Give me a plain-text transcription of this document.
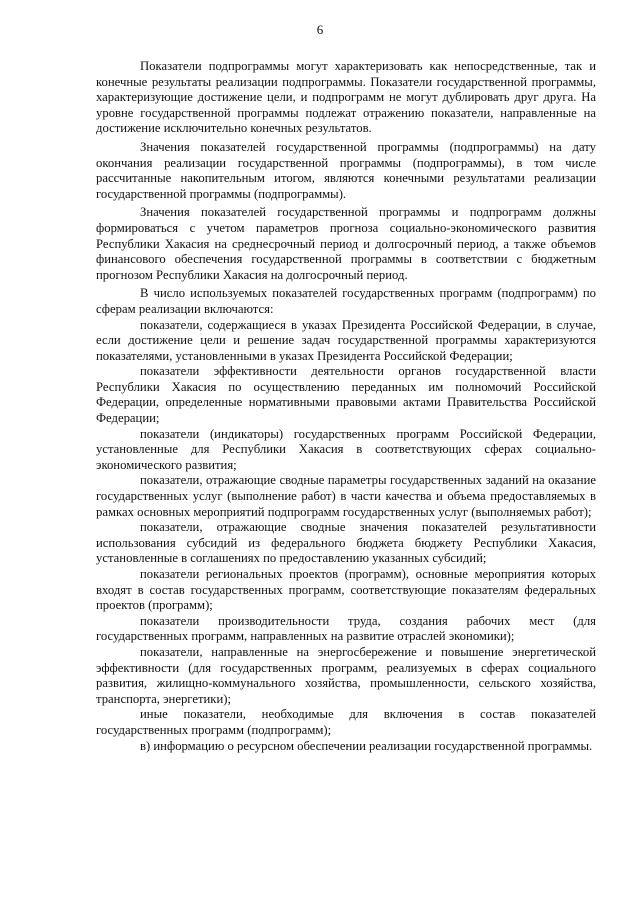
6

Показатели подпрограммы могут характеризовать как непосредственные, так и конечные результаты реализации подпрограммы. Показатели государственной программы, характеризующие достижение цели, и подпрограмм не могут дублировать друг друга. На уровне государственной программы подлежат отражению показатели, направленные на достижение исключительно конечных результатов.

Значения показателей государственной программы (подпрограммы) на дату окончания реализации государственной программы (подпрограммы), в том числе рассчитанные накопительным итогом, являются конечными результатами реализации государственной программы (подпрограммы).

Значения показателей государственной программы и подпрограмм должны формироваться с учетом параметров прогноза социально-экономического развития Республики Хакасия на среднесрочный период и долгосрочный период, а также объемов финансового обеспечения государственной программы в соответствии с бюджетным прогнозом Республики Хакасия на долгосрочный период.

В число используемых показателей государственных программ (подпрограмм) по сферам реализации включаются:

показатели, содержащиеся в указах Президента Российской Федерации, в случае, если достижение цели и решение задач государственной программы характеризуются показателями, установленными в указах Президента Российской Федерации;

показатели эффективности деятельности органов государственной власти Республики Хакасия по осуществлению переданных им полномочий Российской Федерации, определенные нормативными правовыми актами Правительства Российской Федерации;

показатели (индикаторы) государственных программ Российской Федерации, установленные для Республики Хакасия в соответствующих сферах социально-экономического развития;

показатели, отражающие сводные параметры государственных заданий на оказание государственных услуг (выполнение работ) в части качества и объема предоставляемых в рамках основных мероприятий подпрограмм государственных услуг (выполняемых работ);

показатели, отражающие сводные значения показателей результативности использования субсидий из федерального бюджета бюджету Республики Хакасия, установленные в соглашениях по предоставлению указанных субсидий;

показатели региональных проектов (программ), основные мероприятия которых входят в состав государственных программ, соответствующие показателям федеральных проектов (программ);

показатели производительности труда, создания рабочих мест (для государственных программ, направленных на развитие отраслей экономики);

показатели, направленные на энергосбережение и повышение энергетической эффективности (для государственных программ, реализуемых в сферах социального развития, жилищно-коммунального хозяйства, промышленности, сельского хозяйства, транспорта, энергетики);

иные показатели, необходимые для включения в состав показателей государственных программ (подпрограмм);

в) информацию о ресурсном обеспечении реализации государственной программы.
